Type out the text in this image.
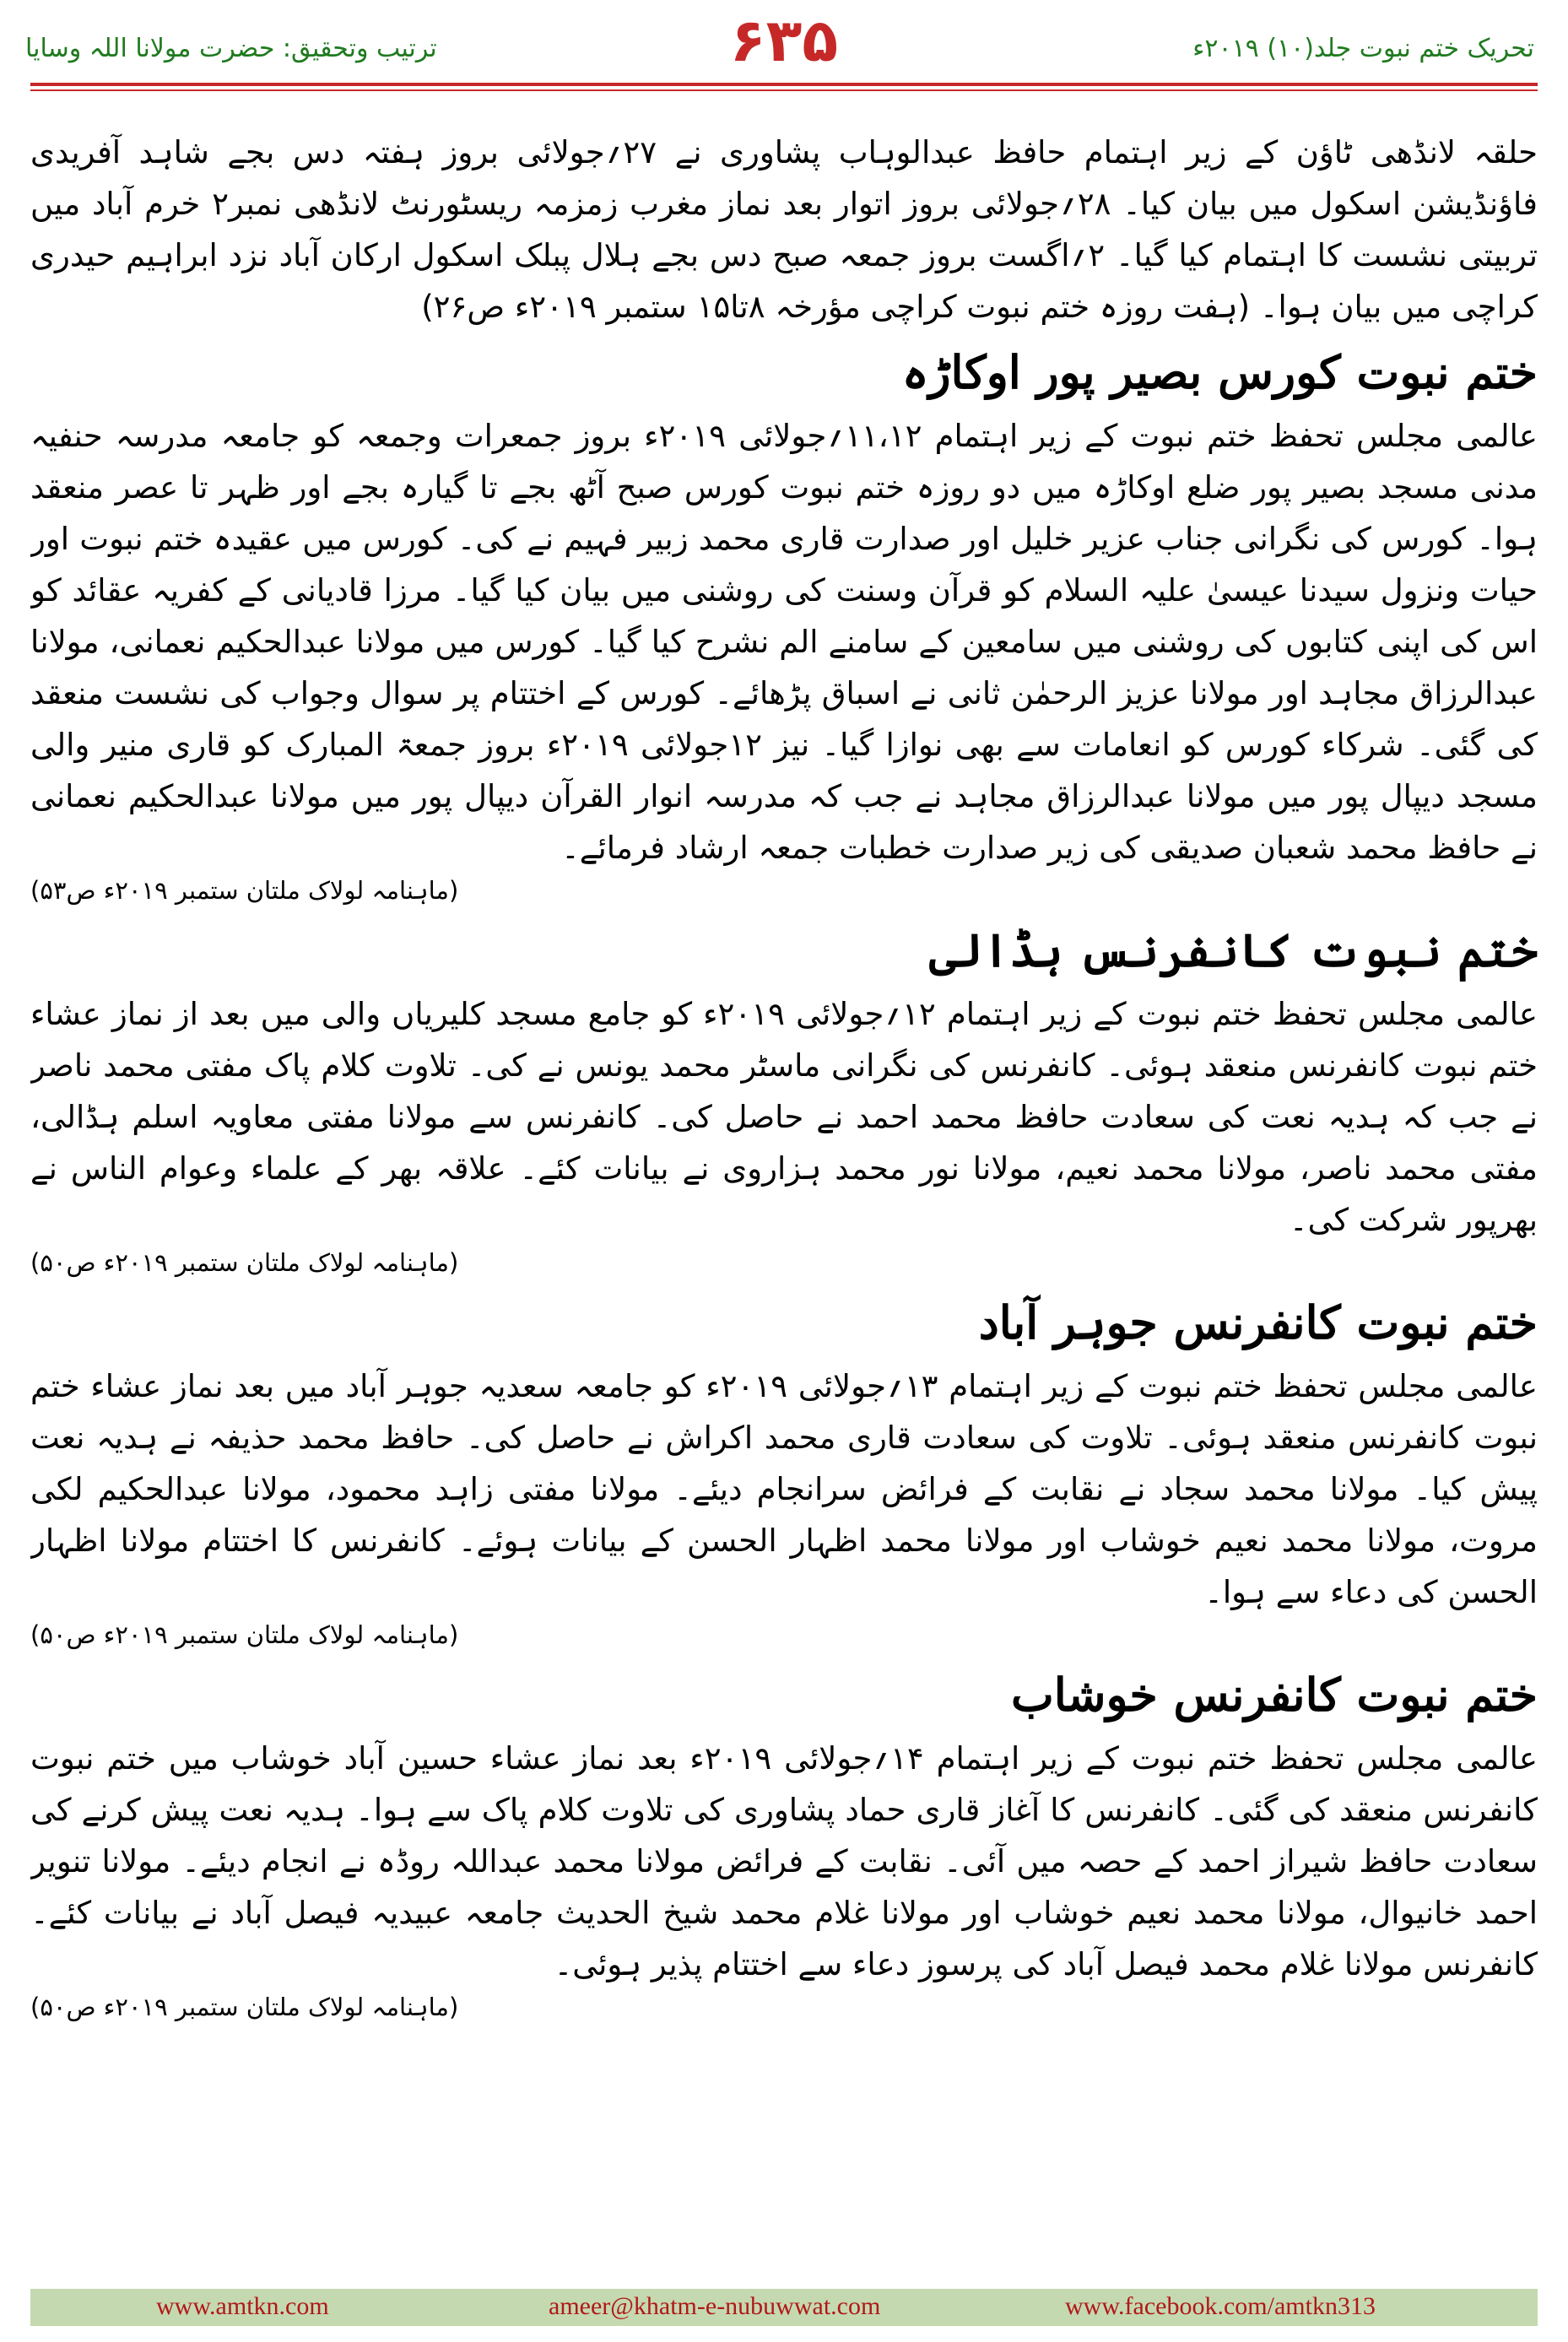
ترتیب وتحقیق: حضرت مولانا اللہ وسایا	۶۳۵	تحریک ختم نبوت جلد(۱۰) ۲۰۱۹ء

حلقہ لانڈھی ٹاؤن کے زیر اہتمام حافظ عبدالوہاب پشاوری نے ۲۷؍جولائی بروز ہفتہ دس بجے شاہد آفریدی فاؤنڈیشن اسکول میں بیان کیا۔ ۲۸؍جولائی بروز اتوار بعد نماز مغرب زمزمہ ریسٹورنٹ لانڈھی نمبر۲ خرم آباد میں تربیتی نشست کا اہتمام کیا گیا۔ ۲؍اگست بروز جمعہ صبح دس بجے ہلال پبلک اسکول ارکان آباد نزد ابراہیم حیدری کراچی میں بیان ہوا۔ (ہفت روزہ ختم نبوت کراچی مؤرخہ ۸تا۱۵ ستمبر ۲۰۱۹ء ص۲۶)

ختم نبوت کورس بصیر پور اوکاڑہ

عالمی مجلس تحفظ ختم نبوت کے زیر اہتمام ۱۱،۱۲؍جولائی ۲۰۱۹ء بروز جمعرات وجمعہ کو جامعہ مدرسہ حنفیہ مدنی مسجد بصیر پور ضلع اوکاڑہ میں دو روزہ ختم نبوت کورس صبح آٹھ بجے تا گیارہ بجے اور ظہر تا عصر منعقد ہوا۔ کورس کی نگرانی جناب عزیر خلیل اور صدارت قاری محمد زبیر فہیم نے کی۔ کورس میں عقیدہ ختم نبوت اور حیات ونزول سیدنا عیسیٰ علیہ السلام کو قرآن وسنت کی روشنی میں بیان کیا گیا۔ مرزا قادیانی کے کفریہ عقائد کو اس کی اپنی کتابوں کی روشنی میں سامعین کے سامنے الم نشرح کیا گیا۔ کورس میں مولانا عبدالحکیم نعمانی، مولانا عبدالرزاق مجاہد اور مولانا عزیز الرحمٰن ثانی نے اسباق پڑھائے۔ کورس کے اختتام پر سوال وجواب کی نشست منعقد کی گئی۔ شرکاء کورس کو انعامات سے بھی نوازا گیا۔ نیز ۱۲جولائی ۲۰۱۹ء بروز جمعۃ المبارک کو قاری منیر والی مسجد دیپال پور میں مولانا عبدالرزاق مجاہد نے جب کہ مدرسہ انوار القرآن دیپال پور میں مولانا عبدالحکیم نعمانی نے حافظ محمد شعبان صدیقی کی زیر صدارت خطبات جمعہ ارشاد فرمائے۔

(ماہنامہ لولاک ملتان ستمبر ۲۰۱۹ء ص۵۳)

ختم نبوت کانفرنس ہڈالی

عالمی مجلس تحفظ ختم نبوت کے زیر اہتمام ۱۲؍جولائی ۲۰۱۹ء کو جامع مسجد کلیریاں والی میں بعد از نماز عشاء ختم نبوت کانفرنس منعقد ہوئی۔ کانفرنس کی نگرانی ماسٹر محمد یونس نے کی۔ تلاوت کلام پاک مفتی محمد ناصر نے جب کہ ہدیہ نعت کی سعادت حافظ محمد احمد نے حاصل کی۔ کانفرنس سے مولانا مفتی معاویہ اسلم ہڈالی، مفتی محمد ناصر، مولانا محمد نعیم، مولانا نور محمد ہزاروی نے بیانات کئے۔ علاقہ بھر کے علماء وعوام الناس نے بھرپور شرکت کی۔

(ماہنامہ لولاک ملتان ستمبر ۲۰۱۹ء ص۵۰)

ختم نبوت کانفرنس جوہر آباد

عالمی مجلس تحفظ ختم نبوت کے زیر اہتمام ۱۳؍جولائی ۲۰۱۹ء کو جامعہ سعدیہ جوہر آباد میں بعد نماز عشاء ختم نبوت کانفرنس منعقد ہوئی۔ تلاوت کی سعادت قاری محمد اکراش نے حاصل کی۔ حافظ محمد حذیفہ نے ہدیہ نعت پیش کیا۔ مولانا محمد سجاد نے نقابت کے فرائض سرانجام دیئے۔ مولانا مفتی زاہد محمود، مولانا عبدالحکیم لکی مروت، مولانا محمد نعیم خوشاب اور مولانا محمد اظہار الحسن کے بیانات ہوئے۔ کانفرنس کا اختتام مولانا اظہار الحسن کی دعاء سے ہوا۔

(ماہنامہ لولاک ملتان ستمبر ۲۰۱۹ء ص۵۰)

ختم نبوت کانفرنس خوشاب

عالمی مجلس تحفظ ختم نبوت کے زیر اہتمام ۱۴؍جولائی ۲۰۱۹ء بعد نماز عشاء حسین آباد خوشاب میں ختم نبوت کانفرنس منعقد کی گئی۔ کانفرنس کا آغاز قاری حماد پشاوری کی تلاوت کلام پاک سے ہوا۔ ہدیہ نعت پیش کرنے کی سعادت حافظ شیراز احمد کے حصہ میں آئی۔ نقابت کے فرائض مولانا محمد عبداللہ روڈہ نے انجام دیئے۔ مولانا تنویر احمد خانیوال، مولانا محمد نعیم خوشاب اور مولانا غلام محمد شیخ الحدیث جامعہ عبیدیہ فیصل آباد نے بیانات کئے۔ کانفرنس مولانا غلام محمد فیصل آباد کی پرسوز دعاء سے اختتام پذیر ہوئی۔

(ماہنامہ لولاک ملتان ستمبر ۲۰۱۹ء ص۵۰)

www.amtkn.com	ameer@khatm-e-nubuwwat.com	www.facebook.com/amtkn313
